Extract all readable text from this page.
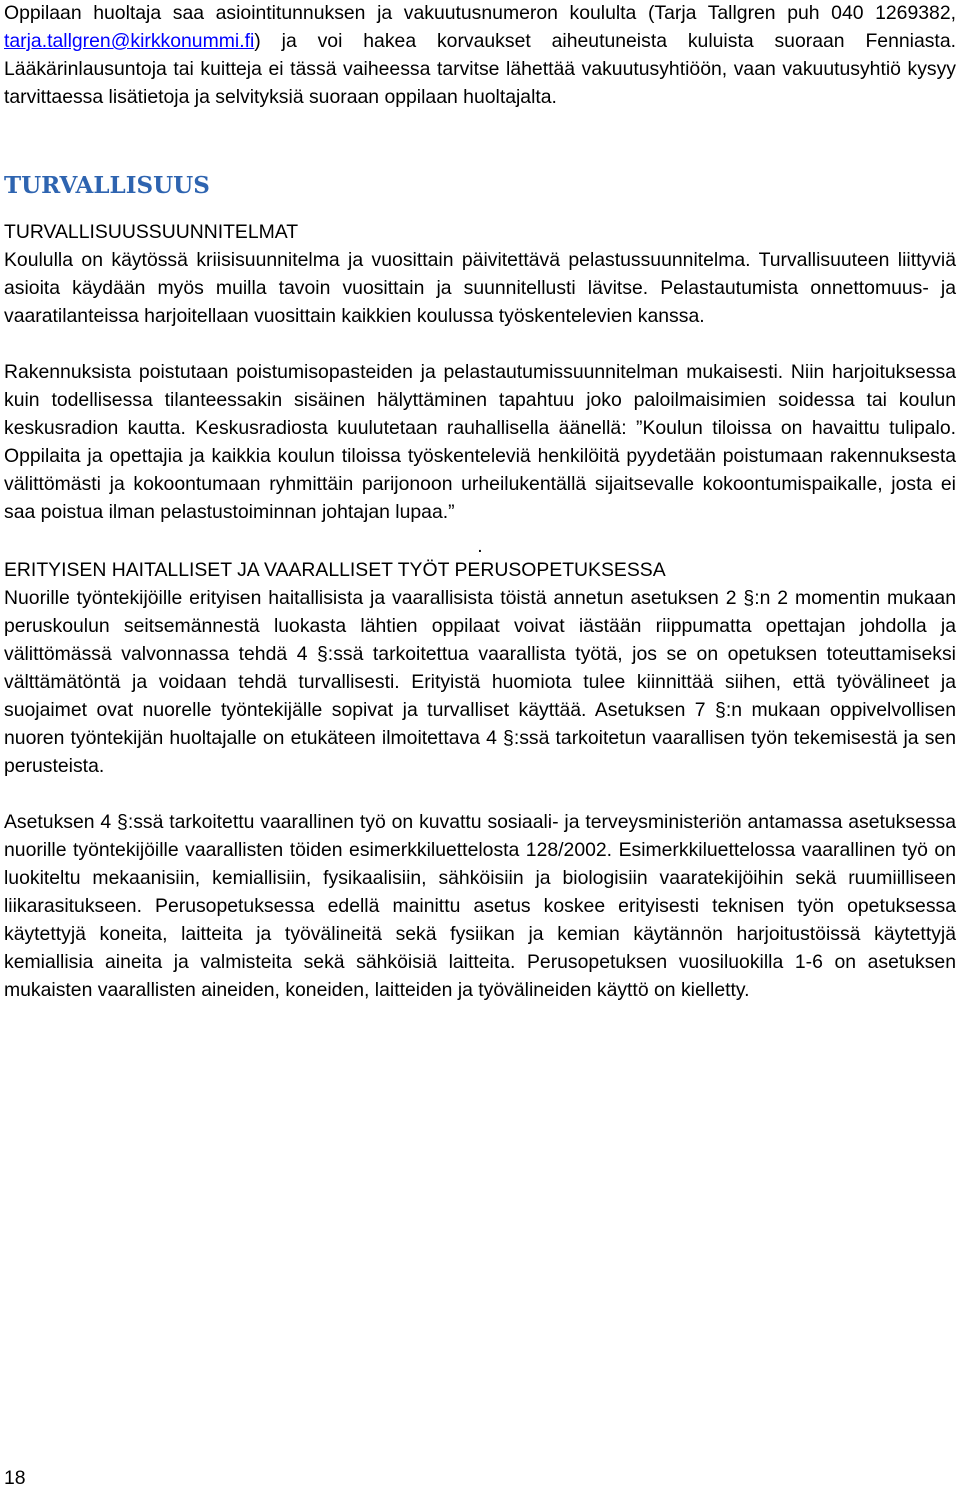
Oppilaan huoltaja saa asiointitunnuksen ja vakuutusnumeron koululta (Tarja Tallgren puh 040 1269382, tarja.tallgren@kirkkonummi.fi) ja voi hakea korvaukset aiheutuneista kuluista suoraan Fenniasta. Lääkärinlausuntoja tai kuitteja ei tässä vaiheessa tarvitse lähettää vakuutusyhtiöön, vaan vakuutusyhtiö kysyy tarvittaessa lisätietoja ja selvityksiä suoraan oppilaan huoltajalta.

TURVALLISUUS

TURVALLISUUSSUUNNITELMAT

Koululla on käytössä kriisisuunnitelma ja vuosittain päivitettävä pelastussuunnitelma. Turvallisuuteen liittyviä asioita käydään myös muilla tavoin vuosittain ja suunnitellusti lävitse. Pelastautumista onnettomuus- ja vaaratilanteissa harjoitellaan vuosittain kaikkien koulussa työskentelevien kanssa.

Rakennuksista poistutaan poistumisopasteiden ja pelastautumissuunnitelman mukaisesti. Niin harjoituksessa kuin todellisessa tilanteessakin sisäinen hälyttäminen tapahtuu joko paloilmaisimien soidessa tai koulun keskusradion kautta. Keskusradiosta kuulutetaan rauhallisella äänellä: ”Koulun tiloissa on havaittu tulipalo. Oppilaita ja opettajia ja kaikkia koulun tiloissa työskenteleviä henkilöitä pyydetään poistumaan rakennuksesta välittömästi ja kokoontumaan ryhmittäin parijonoon urheilukentällä sijaitsevalle kokoontumispaikalle, josta ei saa poistua ilman pelastustoiminnan johtajan lupaa.”

.

ERITYISEN HAITALLISET JA VAARALLISET TYÖT PERUSOPETUKSESSA

Nuorille työntekijöille erityisen haitallisista ja vaarallisista töistä annetun asetuksen 2 §:n 2 momentin mukaan peruskoulun seitsemännestä luokasta lähtien oppilaat voivat iästään riippumatta opettajan johdolla ja välittömässä valvonnassa tehdä 4 §:ssä tarkoitettua vaarallista työtä, jos se on opetuksen toteuttamiseksi välttämätöntä ja voidaan tehdä turvallisesti. Erityistä huomiota tulee kiinnittää siihen, että työvälineet ja suojaimet ovat nuorelle työntekijälle sopivat ja turvalliset käyttää. Asetuksen 7 §:n mukaan oppivelvollisen nuoren työntekijän huoltajalle on etukäteen ilmoitettava 4 §:ssä tarkoitetun vaarallisen työn tekemisestä ja sen perusteista.

Asetuksen 4 §:ssä tarkoitettu vaarallinen työ on kuvattu sosiaali- ja terveysministeriön antamassa asetuksessa nuorille työntekijöille vaarallisten töiden esimerkkiluettelosta 128/2002. Esimerkkiluettelossa vaarallinen työ on luokiteltu mekaanisiin, kemiallisiin, fysikaalisiin, sähköisiin ja biologisiin vaaratekijöihin sekä ruumiilliseen liikarasitukseen. Perusopetuksessa edellä mainittu asetus koskee erityisesti teknisen työn opetuksessa käytettyjä koneita, laitteita ja työvälineitä sekä fysiikan ja kemian käytännön harjoitustöissä käytettyjä kemiallisia aineita ja valmisteita sekä sähköisiä laitteita. Perusopetuksen vuosiluokilla 1-6 on asetuksen mukaisten vaarallisten aineiden, koneiden, laitteiden ja työvälineiden käyttö on kielletty.

18
